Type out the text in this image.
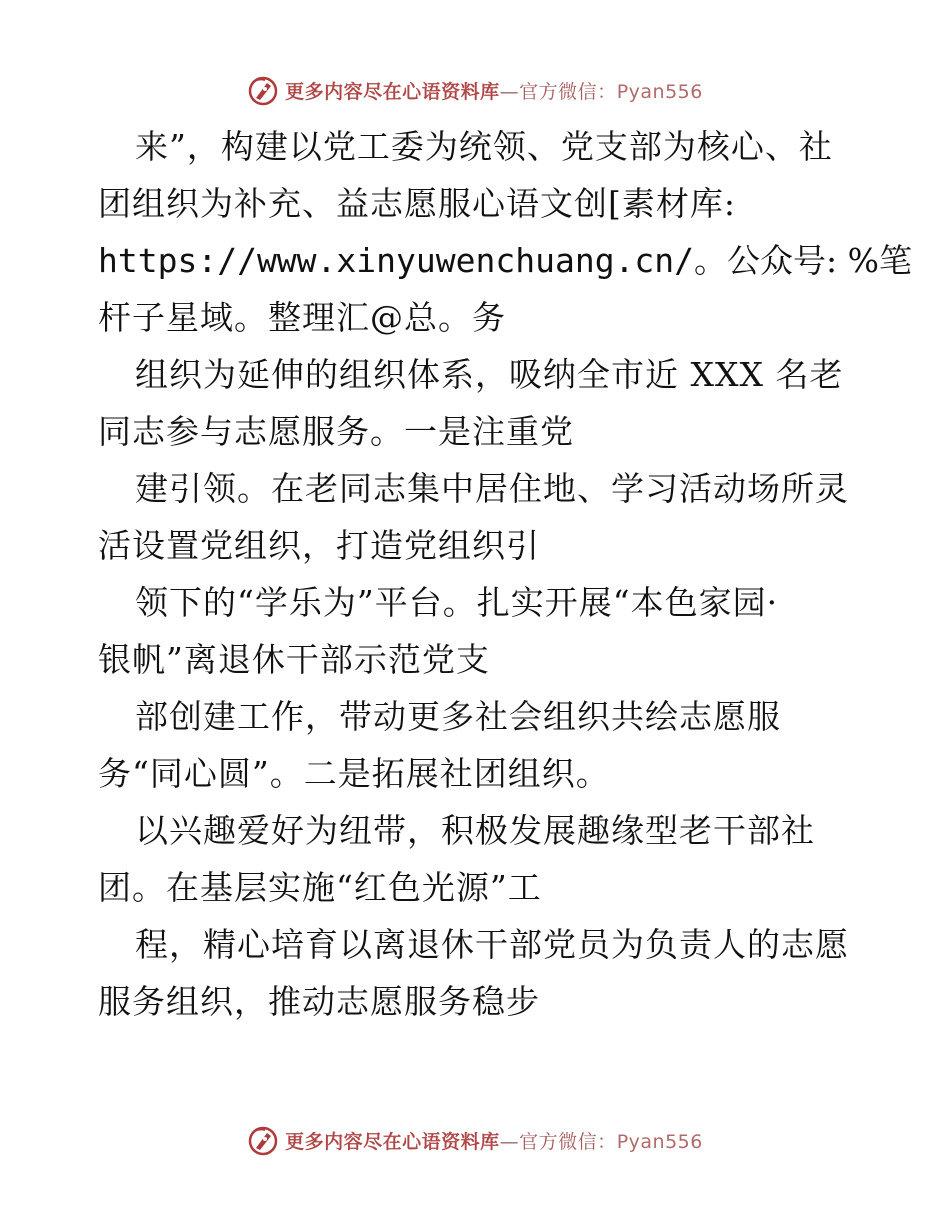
更多内容尽在心语资料库—官方微信：Pyan556
来”，构建以党工委为统领、党支部为核心、社
团组织为补充、益志愿服心语文创[素材库:
https://www.xinyuwenchuang.cn/。公众号: %笔
杆子星域。整理汇@总。务
组织为延伸的组织体系，吸纳全市近 XXX 名老
同志参与志愿服务。一是注重党
建引领。在老同志集中居住地、学习活动场所灵
活设置党组织，打造党组织引
领下的“学乐为”平台。扎实开展“本色家园·
银帆”离退休干部示范党支
部创建工作，带动更多社会组织共绘志愿服
务“同心圆”。二是拓展社团组织。
以兴趣爱好为纽带，积极发展趣缘型老干部社
团。在基层实施“红色光源”工
程，精心培育以离退休干部党员为负责人的志愿
服务组织，推动志愿服务稳步
更多内容尽在心语资料库—官方微信：Pyan556
